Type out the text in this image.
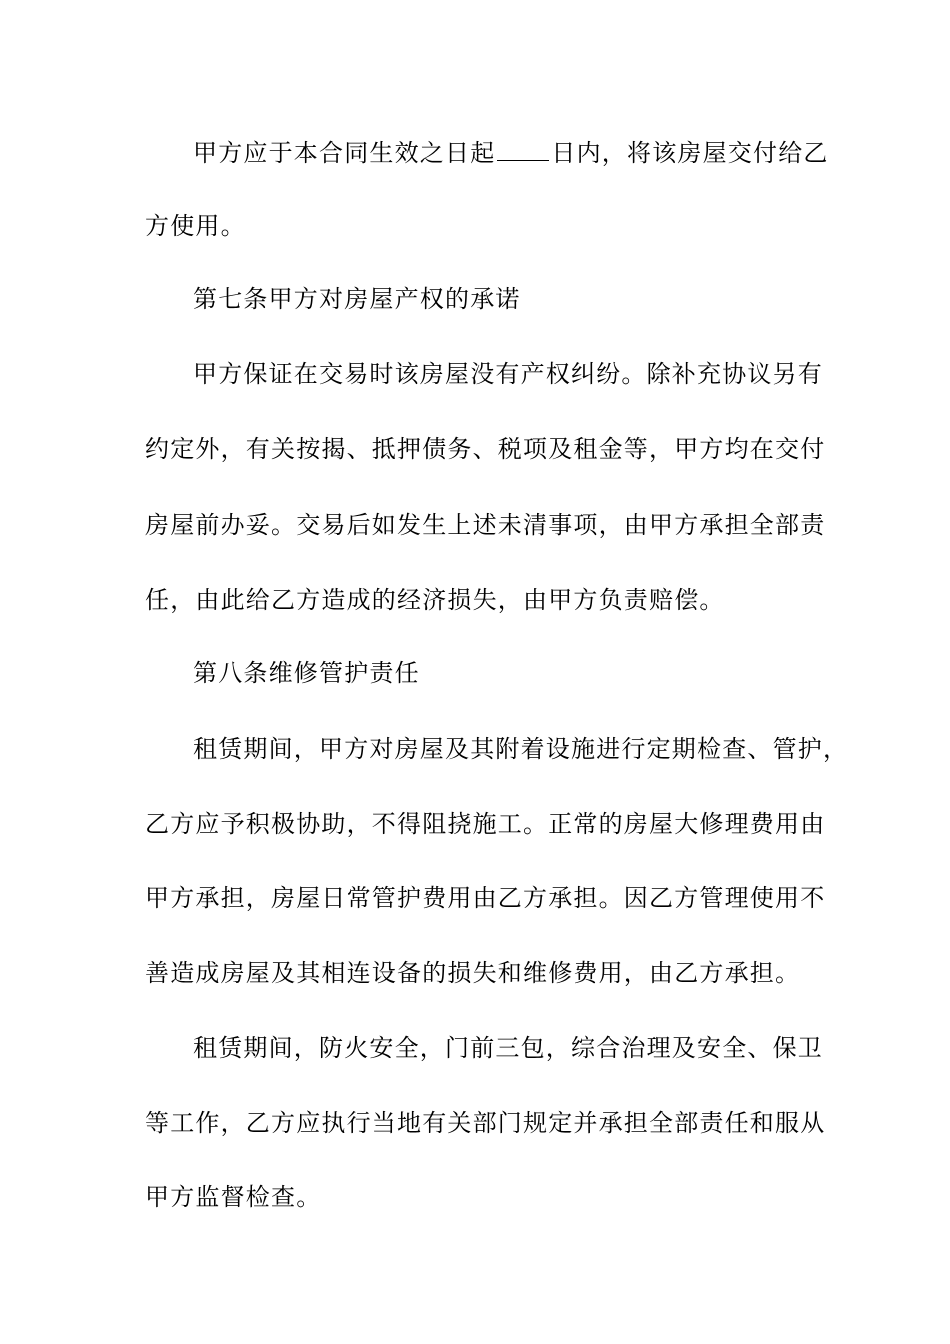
甲方应于本合同生效之日起 日内，将该房屋交付给乙
方使用。
第七条甲方对房屋产权的承诺
甲方保证在交易时该房屋没有产权纠纷。除补充协议另有
约定外，有关按揭、抵押债务、税项及租金等，甲方均在交付
房屋前办妥。交易后如发生上述未清事项，由甲方承担全部责
任，由此给乙方造成的经济损失，由甲方负责赔偿。
第八条维修管护责任
租赁期间，甲方对房屋及其附着设施进行定期检查、管护，
乙方应予积极协助，不得阻挠施工。正常的房屋大修理费用由
甲方承担，房屋日常管护费用由乙方承担。因乙方管理使用不
善造成房屋及其相连设备的损失和维修费用，由乙方承担。
租赁期间，防火安全，门前三包，综合治理及安全、保卫
等工作，乙方应执行当地有关部门规定并承担全部责任和服从
甲方监督检查。
